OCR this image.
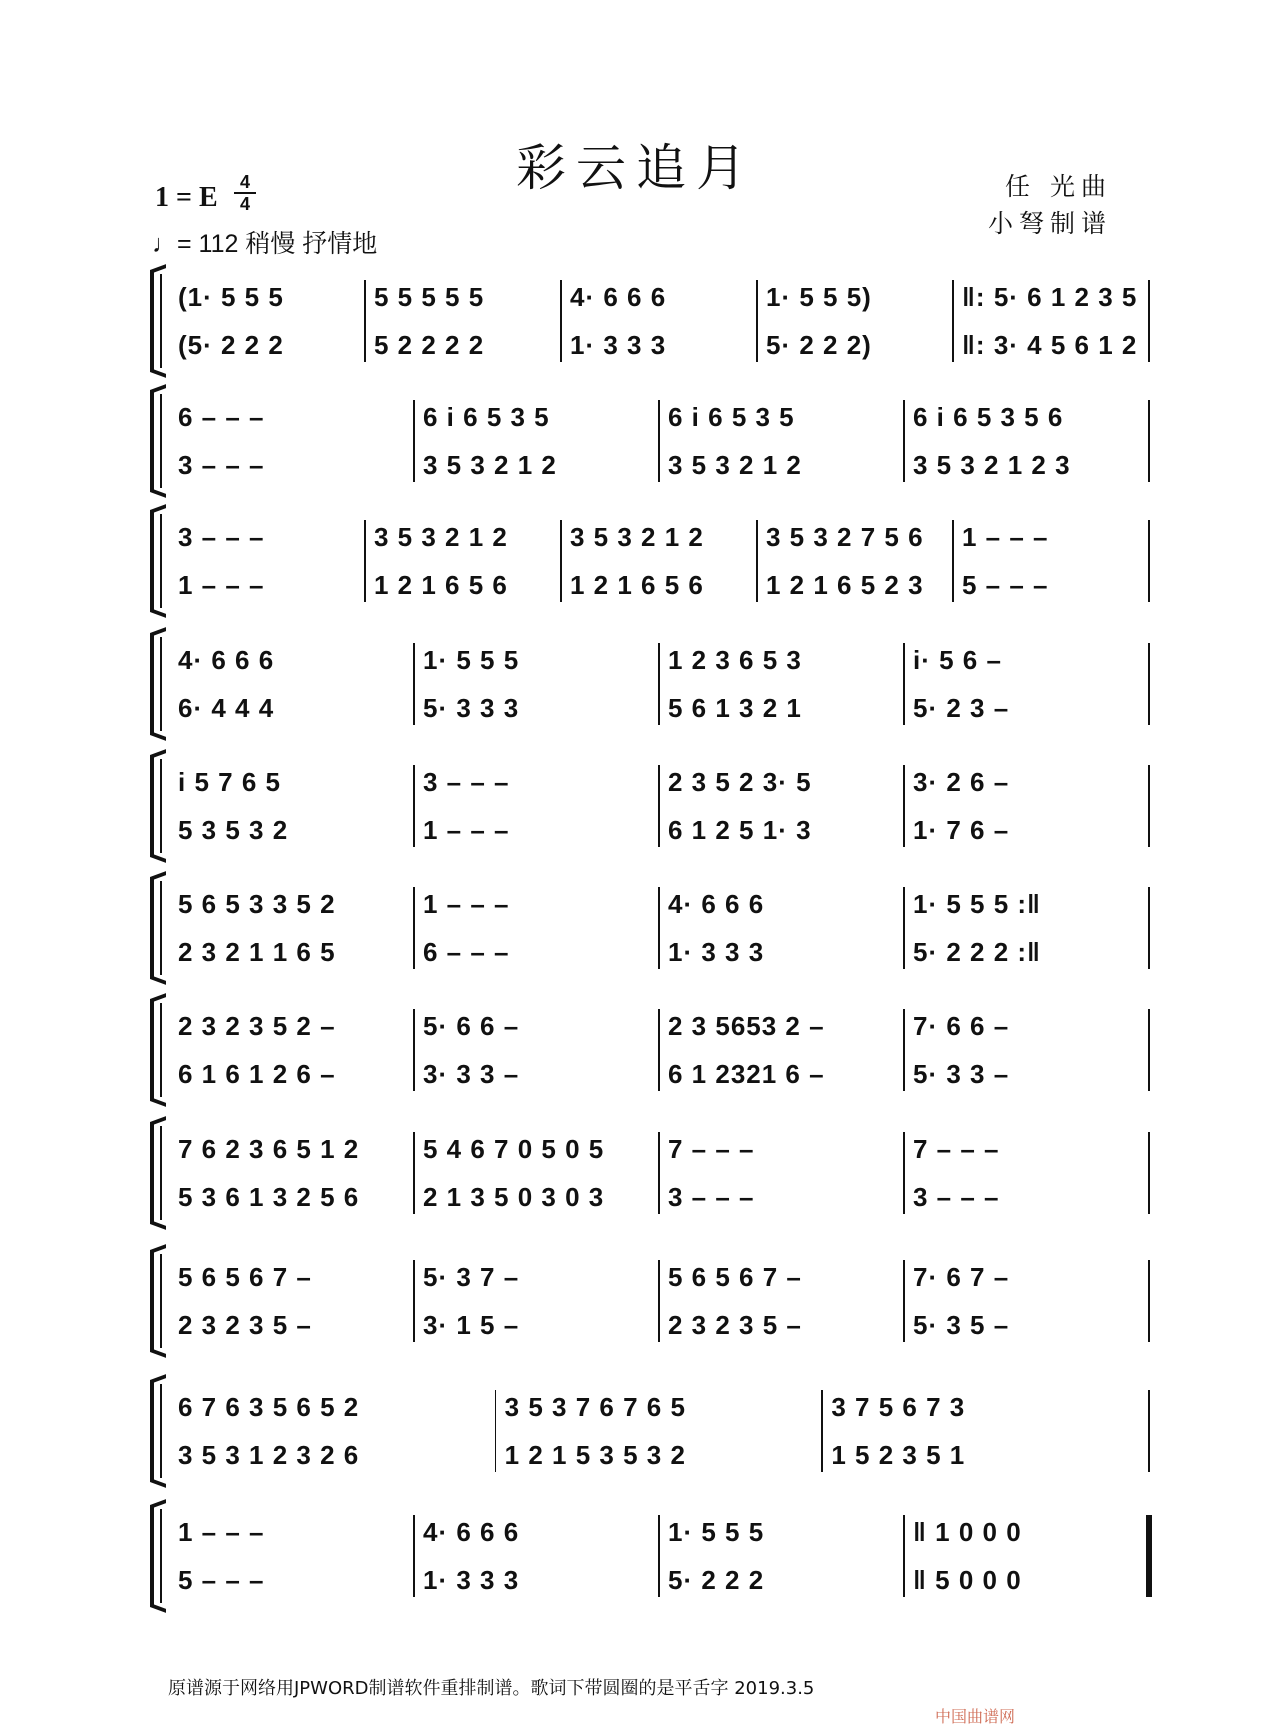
彩云追月
1 = E	4
4
♩= 112 稍慢 抒情地
任 光曲
小弩制谱
(1· 5 5 5	5 5 5 5 5	4· 6 6 6	1· 5 5 5)	‖: 5· 6 1 2 3 5
(5· 2 2 2	5 2 2 2 2	1· 3 3 3	5· 2 2 2)	‖: 3· 4 5 6 1 2
6 – – –	6 i 6 5 3 5	6 i 6 5 3 5	6 i 6 5 3 5 6
3 – – –	3 5 3 2 1 2	3 5 3 2 1 2	3 5 3 2 1 2 3
3 – – –	3 5 3 2 1 2	3 5 3 2 1 2	3 5 3 2 7 5 6	1 – – –
1 – – –	1 2 1 6 5 6	1 2 1 6 5 6	1 2 1 6 5 2 3	5 – – –
4· 6 6 6	1· 5 5 5	1 2 3 6 5 3	i· 5 6 –
6· 4 4 4	5· 3 3 3	5 6 1 3 2 1	5· 2 3 –
i 5 7 6 5	3 – – –	2 3 5 2 3· 5	3· 2 6 –
5 3 5 3 2	1 – – –	6 1 2 5 1· 3	1· 7 6 –
5 6 5 3 3 5 2	1 – – –	4· 6 6 6	1· 5 5 5 :‖
2 3 2 1 1 6 5	6 – – –	1· 3 3 3	5· 2 2 2 :‖
2 3 2 3 5 2 –	5· 6 6 –	2 3 5653 2 –	7· 6 6 –
6 1 6 1 2 6 –	3· 3 3 –	6 1 2321 6 –	5· 3 3 –
7 6 2 3 6 5 1 2	5 4 6 7 0 5 0 5	7 – – –	7 – – –
5 3 6 1 3 2 5 6	2 1 3 5 0 3 0 3	3 – – –	3 – – –
5 6 5 6 7 –	5· 3 7 –	5 6 5 6 7 –	7· 6 7 –
2 3 2 3 5 –	3· 1 5 –	2 3 2 3 5 –	5· 3 5 –
6 7 6 3 5 6 5 2	3 5 3 7 6 7 6 5	3 7 5 6 7 3
3 5 3 1 2 3 2 6	1 2 1 5 3 5 3 2	1 5 2 3 5 1
1 – – –	4· 6 6 6	1· 5 5 5	‖ 1 0 0 0
5 – – –	1· 3 3 3	5· 2 2 2	‖ 5 0 0 0
原谱源于网络用JPWORD制谱软件重排制谱。歌词下带圆圈的是平舌字 2019.3.5
中国曲谱网
